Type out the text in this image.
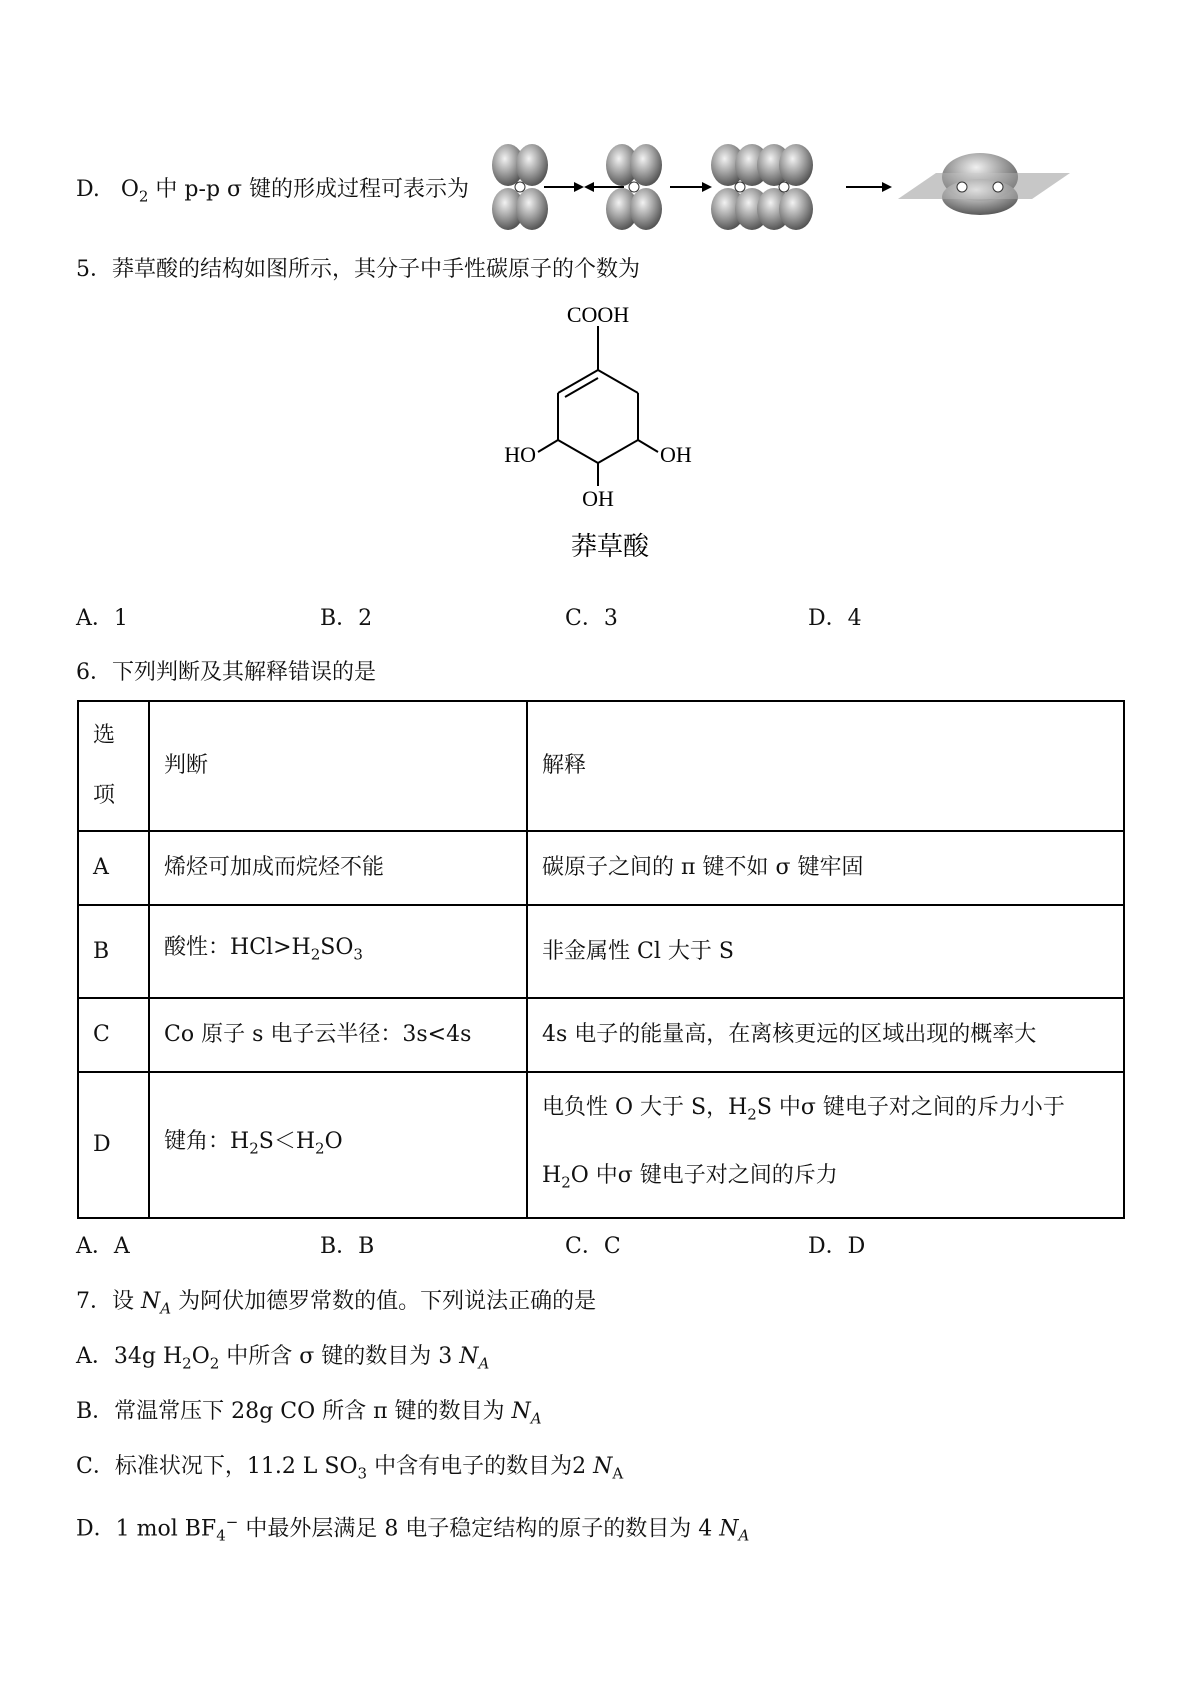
D. $O_2$ 中 p-p σ 键的形成过程可表示为
5．莽草酸的结构如图所示，其分子中手性碳原子的个数为
COOH
HO	OH
OH
莽草酸
A．1	B．2	C．3	D．4
6．下列判断及其解释错误的是
选

项	判断	解释
A	烯烃可加成而烷烃不能	碳原子之间的 π 键不如 σ 键牢固
B	酸性：$HCl>H_2SO_3$	非金属性 Cl 大于 S
C	Co 原子 s 电子云半径：3s<4s	4s 电子的能量高，在离核更远的区域出现的概率大
D	键角：$H_2S<H_2O$	电负性 O 大于 S，$H_2S$ 中σ 键电子对之间的斥力小于
$H_2O$ 中σ 键电子对之间的斥力
A．A	B．B	C．C	D．D
7．设 $N_A$ 为阿伏加德罗常数的值。下列说法正确的是
A．34g $H_2O_2$ 中所含 σ 键的数目为 3 $N_A$
B．常温常压下 28g CO 所含 π 键的数目为 $N_A$
C．标准状况下，11.2 L $SO_3$ 中含有电子的数目为2 $N_A$
D．1 mol $BF_4^-$ 中最外层满足 8 电子稳定结构的原子的数目为 4 $N_A$
